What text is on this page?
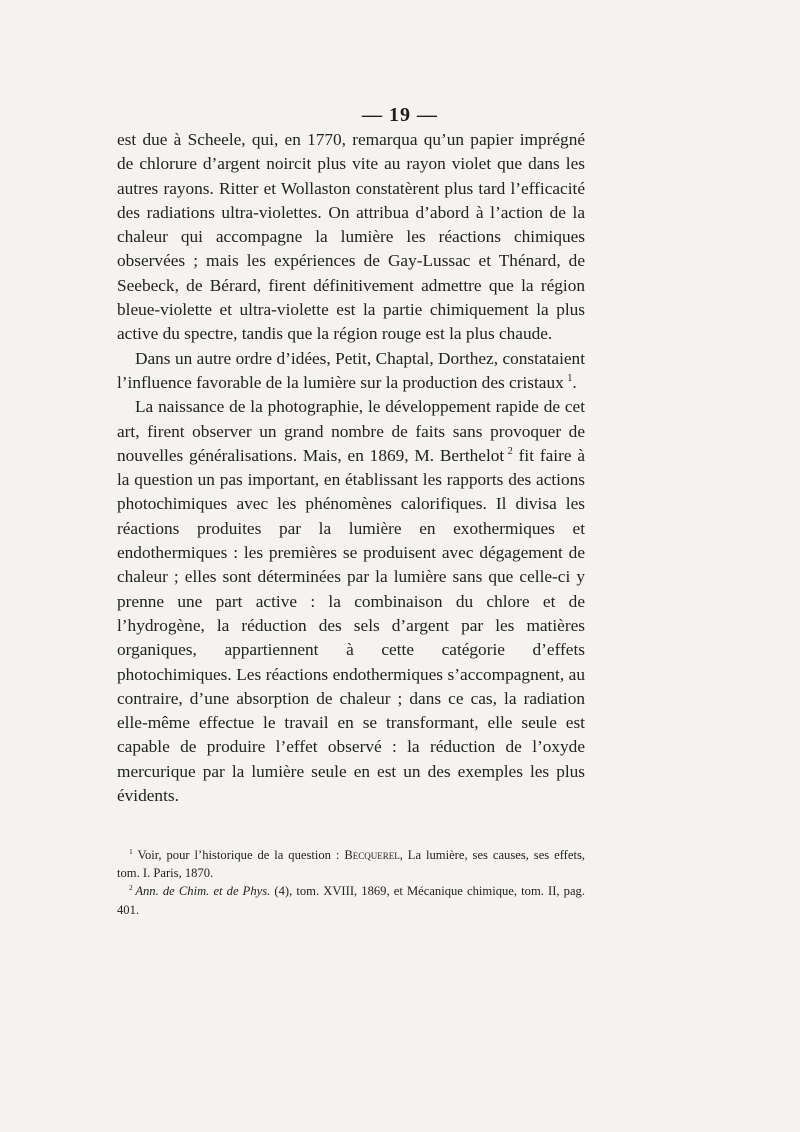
— 19 —

est due à Scheele, qui, en 1770, remarqua qu’un papier imprégné de chlorure d’argent noircit plus vite au rayon violet que dans les autres rayons. Ritter et Wollaston constatèrent plus tard l’efficacité des radiations ultra-violettes. On attribua d’abord à l’action de la chaleur qui accompagne la lumière les réactions chimiques observées ; mais les expériences de Gay-Lussac et Thénard, de Seebeck, de Bérard, firent définitivement admettre que la région bleue-violette et ultra-violette est la partie chimiquement la plus active du spectre, tandis que la région rouge est la plus chaude.

Dans un autre ordre d’idées, Petit, Chaptal, Dorthez, constataient l’influence favorable de la lumière sur la production des cristaux  $^1$.

La naissance de la photographie, le développement rapide de cet art, firent observer un grand nombre de faits sans provoquer de nouvelles généralisations. Mais, en 1869, M. Berthelot  $^2$ fit faire à la question un pas important, en établissant les rapports des actions photochimiques avec les phénomènes calorifiques. Il divisa les réactions produites par la lumière en exothermiques et endothermiques : les premières se produisent avec dégagement de chaleur ; elles sont déterminées par la lumière sans que celle-ci y prenne une part active : la combinaison du chlore et de l’hydrogène, la réduction des sels d’argent par les matières organiques, appartiennent à cette catégorie d’effets photochimiques. Les réactions endothermiques s’accompagnent, au contraire, d’une absorption de chaleur ; dans ce cas, la radiation elle-même effectue le travail en se transformant, elle seule est capable de produire l’effet observé : la réduction de l’oxyde mercurique par la lumière seule en est un des exemples les plus évidents.

$^1$ Voir, pour l’historique de la question : Becquerel, La lumière, ses causes, ses effets, tom. I. Paris, 1870.

$^2$  Ann. de Chim. et de Phys. (4), tom. XVIII, 1869, et Mécanique chimique, tom. II, pag. 401.
